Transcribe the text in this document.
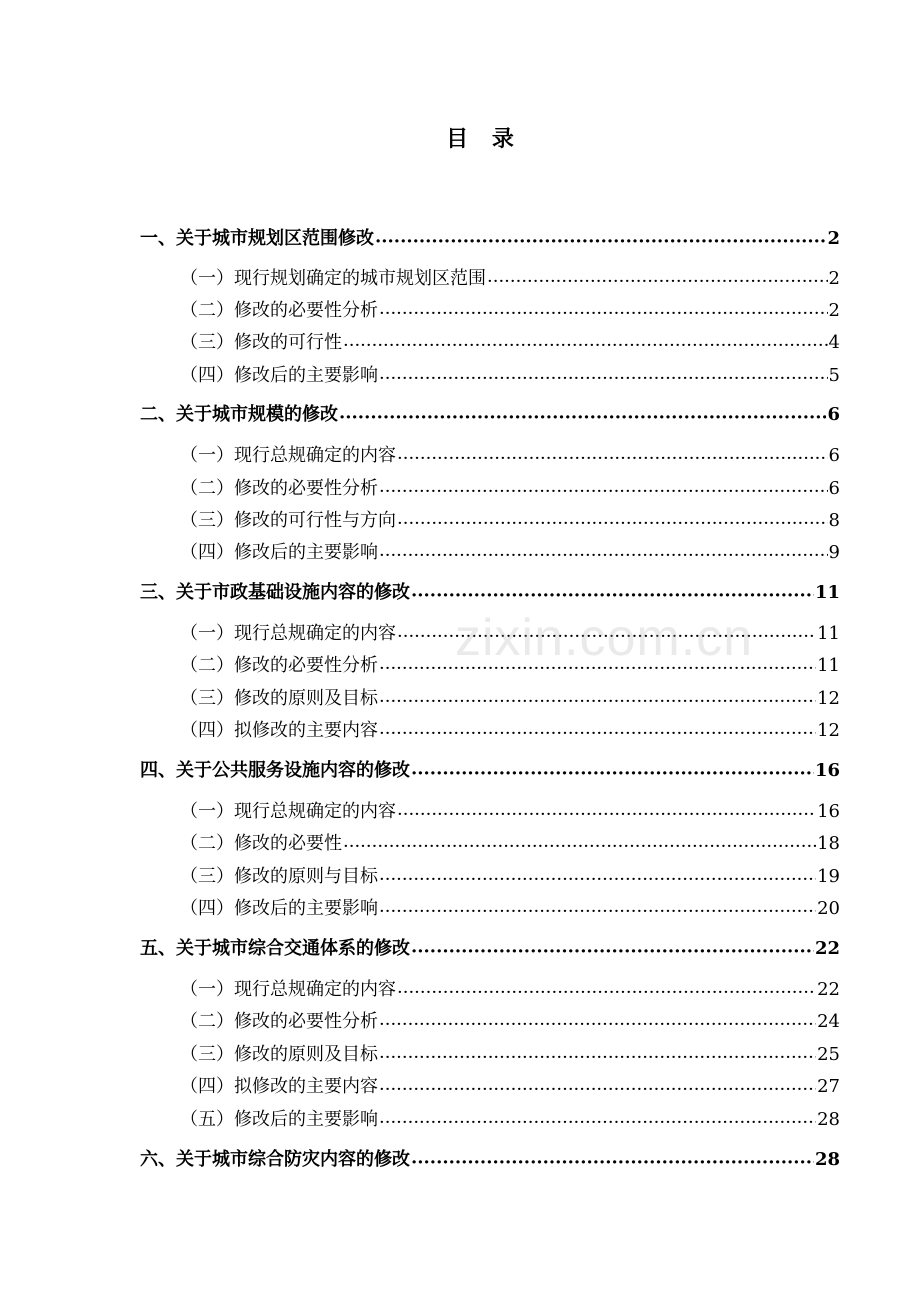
目 录
一、关于城市规划区范围修改 ·····	2
（一）现行规划确定的城市规划区范围 ·····	2
（二）修改的必要性分析 ·····	2
（三）修改的可行性 ·····	4
（四）修改后的主要影响 ·····	5
二、关于城市规模的修改 ·····	6
（一）现行总规确定的内容 ·····	6
（二）修改的必要性分析 ·····	6
（三）修改的可行性与方向 ·····	8
（四）修改后的主要影响 ·····	9
三、关于市政基础设施内容的修改 ·····	11
（一）现行总规确定的内容 ·····	11
（二）修改的必要性分析 ·····	11
（三）修改的原则及目标 ·····	12
（四）拟修改的主要内容 ·····	12
四、关于公共服务设施内容的修改 ·····	16
（一）现行总规确定的内容 ·····	16
（二）修改的必要性 ·····	18
（三）修改的原则与目标 ·····	19
（四）修改后的主要影响 ·····	20
五、关于城市综合交通体系的修改 ·····	22
（一）现行总规确定的内容 ·····	22
（二）修改的必要性分析 ·····	24
（三）修改的原则及目标 ·····	25
（四）拟修改的主要内容 ·····	27
（五）修改后的主要影响 ·····	28
六、关于城市综合防灾内容的修改 ·····	28
zixin.com.cn
